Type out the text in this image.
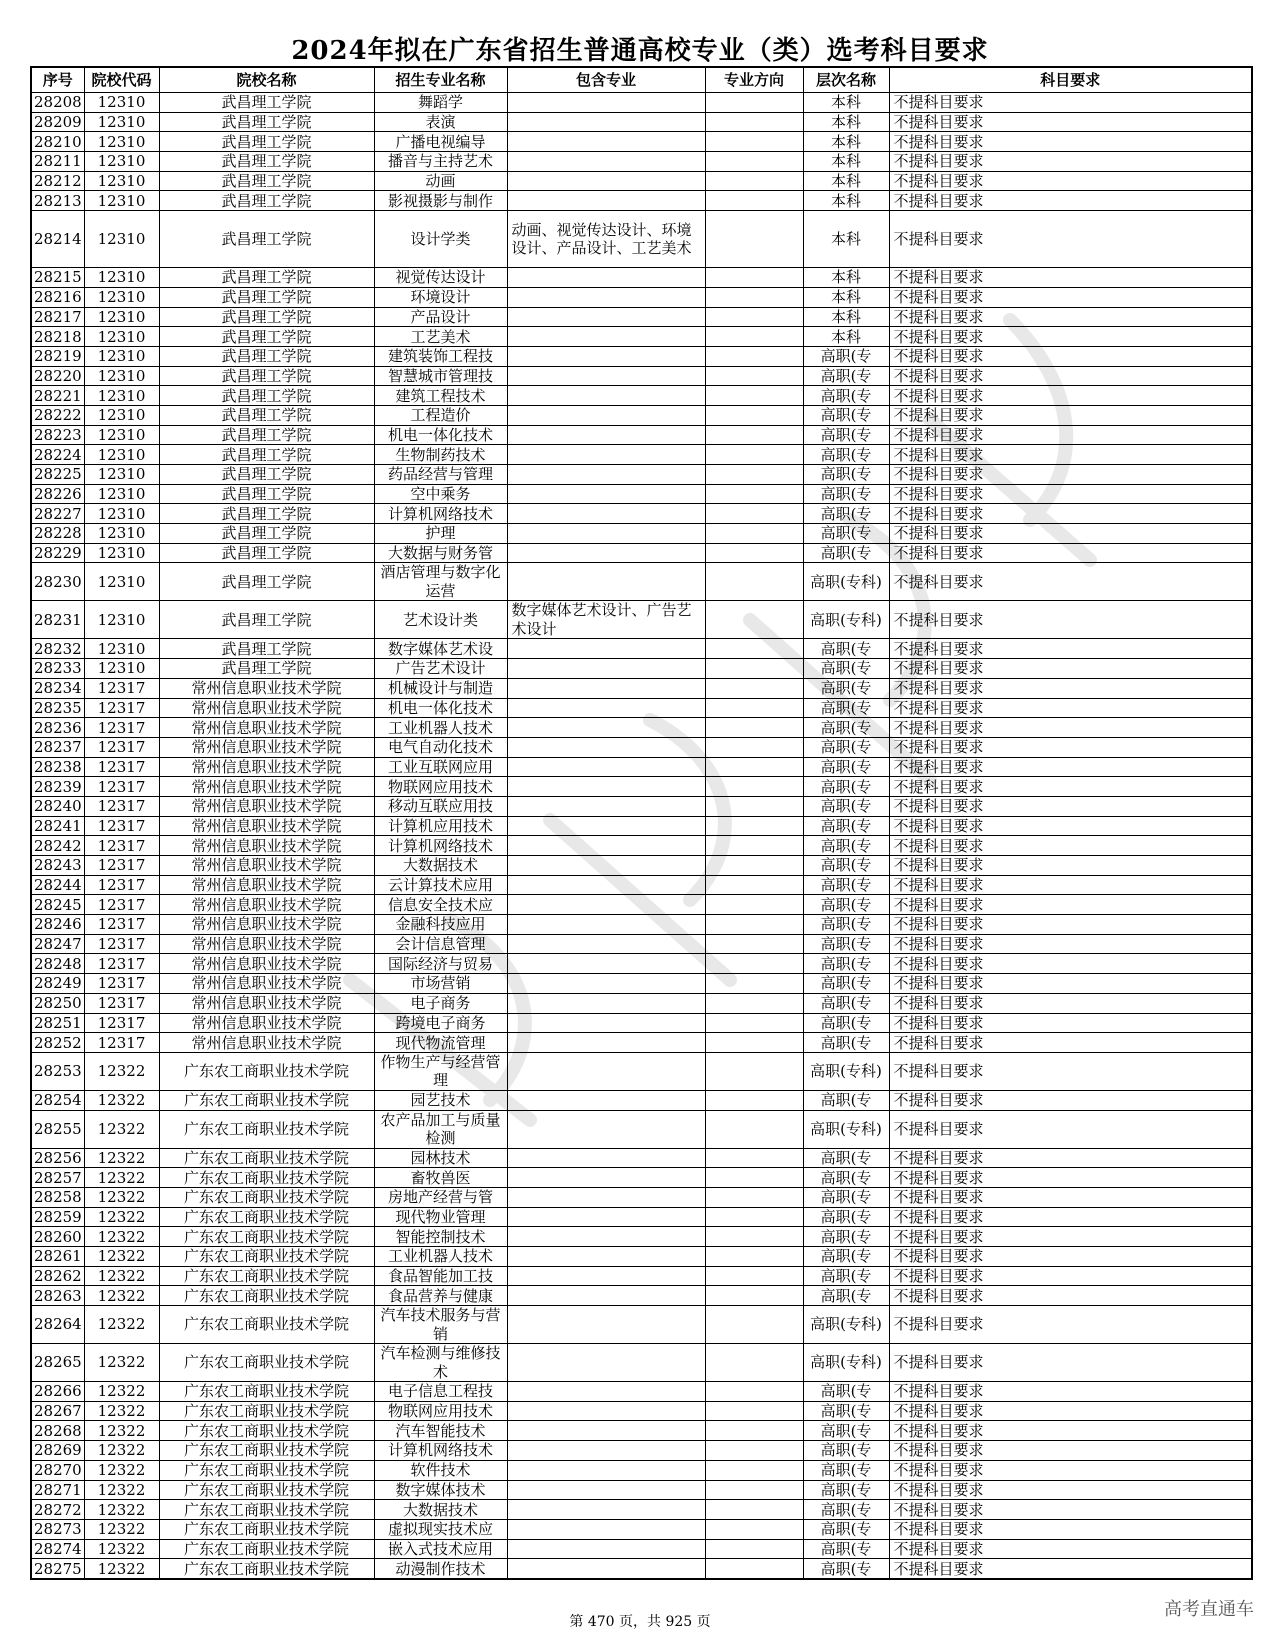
2024年拟在广东省招生普通高校专业（类）选考科目要求
序号	院校代码	院校名称	招生专业名称	包含专业	专业方向	层次名称	科目要求
28208	12310	武昌理工学院	舞蹈学			本科	不提科目要求
28209	12310	武昌理工学院	表演			本科	不提科目要求
28210	12310	武昌理工学院	广播电视编导			本科	不提科目要求
28211	12310	武昌理工学院	播音与主持艺术			本科	不提科目要求
28212	12310	武昌理工学院	动画			本科	不提科目要求
28213	12310	武昌理工学院	影视摄影与制作			本科	不提科目要求
28214	12310	武昌理工学院	设计学类	动画、视觉传达设计、环境设计、产品设计、工艺美术		本科	不提科目要求
28215	12310	武昌理工学院	视觉传达设计			本科	不提科目要求
28216	12310	武昌理工学院	环境设计			本科	不提科目要求
28217	12310	武昌理工学院	产品设计			本科	不提科目要求
28218	12310	武昌理工学院	工艺美术			本科	不提科目要求
28219	12310	武昌理工学院	建筑装饰工程技			高职(专	不提科目要求
28220	12310	武昌理工学院	智慧城市管理技			高职(专	不提科目要求
28221	12310	武昌理工学院	建筑工程技术			高职(专	不提科目要求
28222	12310	武昌理工学院	工程造价			高职(专	不提科目要求
28223	12310	武昌理工学院	机电一体化技术			高职(专	不提科目要求
28224	12310	武昌理工学院	生物制药技术			高职(专	不提科目要求
28225	12310	武昌理工学院	药品经营与管理			高职(专	不提科目要求
28226	12310	武昌理工学院	空中乘务			高职(专	不提科目要求
28227	12310	武昌理工学院	计算机网络技术			高职(专	不提科目要求
28228	12310	武昌理工学院	护理			高职(专	不提科目要求
28229	12310	武昌理工学院	大数据与财务管			高职(专	不提科目要求
28230	12310	武昌理工学院	酒店管理与数字化运营			高职(专科)	不提科目要求
28231	12310	武昌理工学院	艺术设计类	数字媒体艺术设计、广告艺术设计		高职(专科)	不提科目要求
28232	12310	武昌理工学院	数字媒体艺术设			高职(专	不提科目要求
28233	12310	武昌理工学院	广告艺术设计			高职(专	不提科目要求
28234	12317	常州信息职业技术学院	机械设计与制造			高职(专	不提科目要求
28235	12317	常州信息职业技术学院	机电一体化技术			高职(专	不提科目要求
28236	12317	常州信息职业技术学院	工业机器人技术			高职(专	不提科目要求
28237	12317	常州信息职业技术学院	电气自动化技术			高职(专	不提科目要求
28238	12317	常州信息职业技术学院	工业互联网应用			高职(专	不提科目要求
28239	12317	常州信息职业技术学院	物联网应用技术			高职(专	不提科目要求
28240	12317	常州信息职业技术学院	移动互联应用技			高职(专	不提科目要求
28241	12317	常州信息职业技术学院	计算机应用技术			高职(专	不提科目要求
28242	12317	常州信息职业技术学院	计算机网络技术			高职(专	不提科目要求
28243	12317	常州信息职业技术学院	大数据技术			高职(专	不提科目要求
28244	12317	常州信息职业技术学院	云计算技术应用			高职(专	不提科目要求
28245	12317	常州信息职业技术学院	信息安全技术应			高职(专	不提科目要求
28246	12317	常州信息职业技术学院	金融科技应用			高职(专	不提科目要求
28247	12317	常州信息职业技术学院	会计信息管理			高职(专	不提科目要求
28248	12317	常州信息职业技术学院	国际经济与贸易			高职(专	不提科目要求
28249	12317	常州信息职业技术学院	市场营销			高职(专	不提科目要求
28250	12317	常州信息职业技术学院	电子商务			高职(专	不提科目要求
28251	12317	常州信息职业技术学院	跨境电子商务			高职(专	不提科目要求
28252	12317	常州信息职业技术学院	现代物流管理			高职(专	不提科目要求
28253	12322	广东农工商职业技术学院	作物生产与经营管理			高职(专科)	不提科目要求
28254	12322	广东农工商职业技术学院	园艺技术			高职(专	不提科目要求
28255	12322	广东农工商职业技术学院	农产品加工与质量检测			高职(专科)	不提科目要求
28256	12322	广东农工商职业技术学院	园林技术			高职(专	不提科目要求
28257	12322	广东农工商职业技术学院	畜牧兽医			高职(专	不提科目要求
28258	12322	广东农工商职业技术学院	房地产经营与管			高职(专	不提科目要求
28259	12322	广东农工商职业技术学院	现代物业管理			高职(专	不提科目要求
28260	12322	广东农工商职业技术学院	智能控制技术			高职(专	不提科目要求
28261	12322	广东农工商职业技术学院	工业机器人技术			高职(专	不提科目要求
28262	12322	广东农工商职业技术学院	食品智能加工技			高职(专	不提科目要求
28263	12322	广东农工商职业技术学院	食品营养与健康			高职(专	不提科目要求
28264	12322	广东农工商职业技术学院	汽车技术服务与营销			高职(专科)	不提科目要求
28265	12322	广东农工商职业技术学院	汽车检测与维修技术			高职(专科)	不提科目要求
28266	12322	广东农工商职业技术学院	电子信息工程技			高职(专	不提科目要求
28267	12322	广东农工商职业技术学院	物联网应用技术			高职(专	不提科目要求
28268	12322	广东农工商职业技术学院	汽车智能技术			高职(专	不提科目要求
28269	12322	广东农工商职业技术学院	计算机网络技术			高职(专	不提科目要求
28270	12322	广东农工商职业技术学院	软件技术			高职(专	不提科目要求
28271	12322	广东农工商职业技术学院	数字媒体技术			高职(专	不提科目要求
28272	12322	广东农工商职业技术学院	大数据技术			高职(专	不提科目要求
28273	12322	广东农工商职业技术学院	虚拟现实技术应			高职(专	不提科目要求
28274	12322	广东农工商职业技术学院	嵌入式技术应用			高职(专	不提科目要求
28275	12322	广东农工商职业技术学院	动漫制作技术			高职(专	不提科目要求
第 470 页，共 925 页
高考直通车
